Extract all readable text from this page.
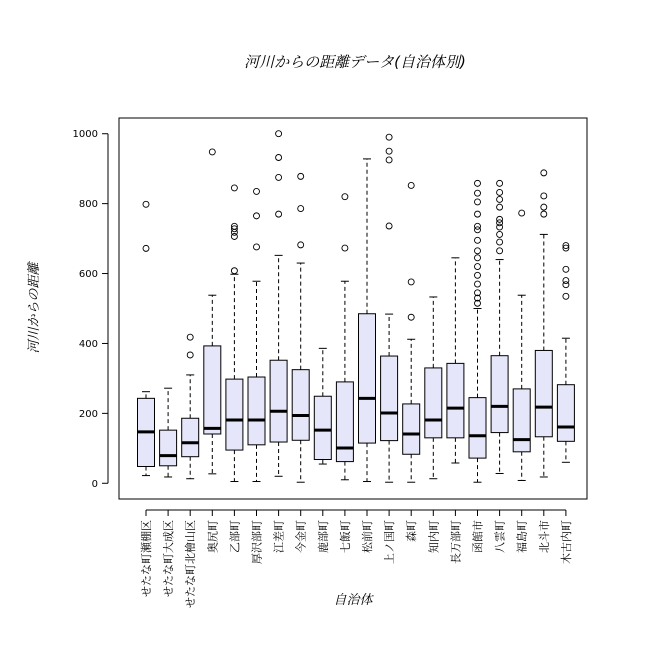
河川からの距離データ(自治体別)
0
200
400
600
800
1000
せたな町瀬棚区 せたな町大成区 せたな町北檜山区 奥尻町 乙部町 厚沢部町 江差町 今金町 鹿部町 七飯町 松前町 上ノ国町 森町 知内町 長万部町 函館市 八雲町 福島町 北斗市 木古内町
自治体
河川からの距離
